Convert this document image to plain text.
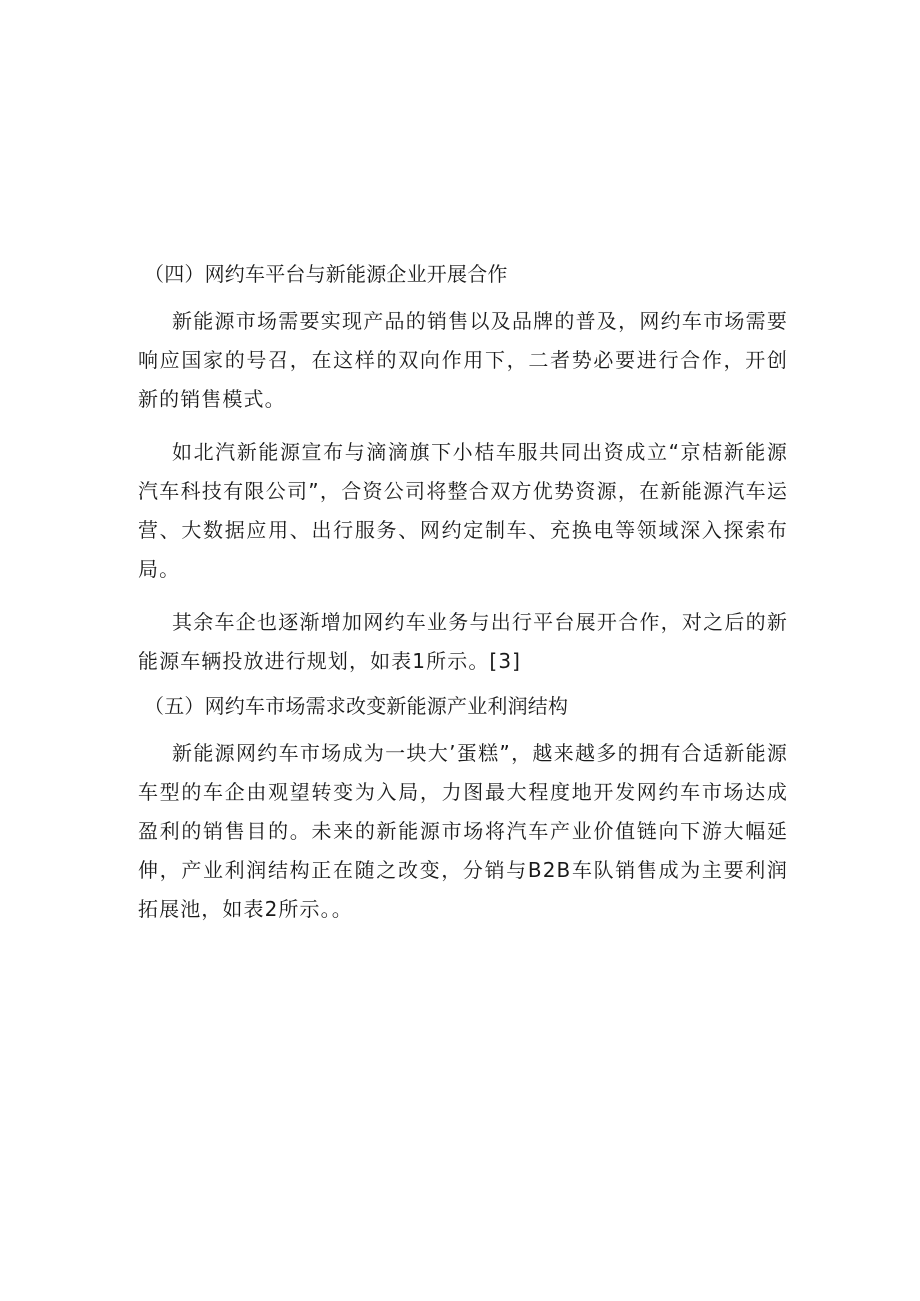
（四）网约车平台与新能源企业开展合作

新能源市场需要实现产品的销售以及品牌的普及，网约车市场需要响应国家的号召，在这样的双向作用下，二者势必要进行合作，开创新的销售模式。

如北汽新能源宣布与滴滴旗下小桔车服共同出资成立“京桔新能源汽车科技有限公司”，合资公司将整合双方优势资源，在新能源汽车运营、大数据应用、出行服务、网约定制车、充换电等领域深入探索布局。

其余车企也逐渐增加网约车业务与出行平台展开合作，对之后的新能源车辆投放进行规划，如表1所示。[3]

（五）网约车市场需求改变新能源产业利润结构

新能源网约车市场成为一块大’蛋糕”，越来越多的拥有合适新能源车型的车企由观望转变为入局，力图最大程度地开发网约车市场达成盈利的销售目的。未来的新能源市场将汽车产业价值链向下游大幅延伸，产业利润结构正在随之改变，分销与B2B车队销售成为主要利润拓展池，如表2所示。。
